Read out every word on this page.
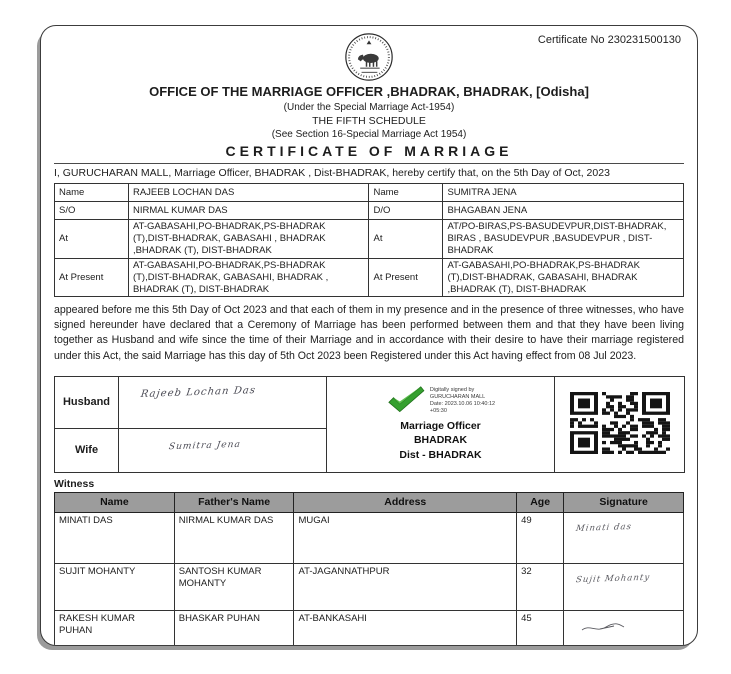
Certificate No 230231500130
OFFICE OF THE MARRIAGE OFFICER ,BHADRAK, BHADRAK, [Odisha]
(Under the Special Marriage Act-1954)
THE FIFTH SCHEDULE
(See Section 16-Special Marriage Act 1954)
CERTIFICATE OF MARRIAGE
I, GURUCHARAN MALL, Marriage Officer, BHADRAK , Dist-BHADRAK, hereby certify that, on the 5th Day of Oct, 2023
Name	RAJEEB LOCHAN DAS	Name	SUMITRA JENA
S/O	NIRMAL KUMAR DAS	D/O	BHAGABAN JENA
At	AT-GABASAHI,PO-BHADRAK,PS-BHADRAK (T),DIST-BHADRAK, GABASAHI , BHADRAK ,BHADRAK (T), DIST-BHADRAK	At	AT/PO-BIRAS,PS-BASUDEVPUR,DIST-BHADRAK, BIRAS , BASUDEVPUR ,BASUDEVPUR , DIST-BHADRAK
At Present	AT-GABASAHI,PO-BHADRAK,PS-BHADRAK (T),DIST-BHADRAK, GABASAHI, BHADRAK , BHADRAK (T), DIST-BHADRAK	At Present	AT-GABASAHI,PO-BHADRAK,PS-BHADRAK (T),DIST-BHADRAK, GABASAHI, BHADRAK ,BHADRAK (T), DIST-BHADRAK
appeared before me this 5th Day of Oct 2023 and that each of them in my presence and in the presence of three witnesses, who have signed hereunder have declared that a Ceremony of Marriage has been performed between them and that they have been living together as Husband and wife since the time of their Marriage and in accordance with their desire to have their marriage registered under this Act, the said Marriage has this day of 5th Oct 2023 been Registered under this Act having effect from 08 Jul 2023.
Husband	Rajeeb Lochan Das	Digitally signed by
GURUCHARAN MALL
Date: 2023.10.06 10:40:12
+05:30
Marriage Officer
BHADRAK
Dist - BHADRAK

Wife	Sumitra Jena		
Witness
Name	Father's Name	Address	Age	Signature
MINATI DAS	NIRMAL KUMAR DAS	MUGAI	49	Minati das
SUJIT MOHANTY	SANTOSH KUMAR MOHANTY	AT-JAGANNATHPUR	32	Sujit Mohanty
RAKESH KUMAR PUHAN	BHASKAR PUHAN	AT-BANKASAHI	45	
